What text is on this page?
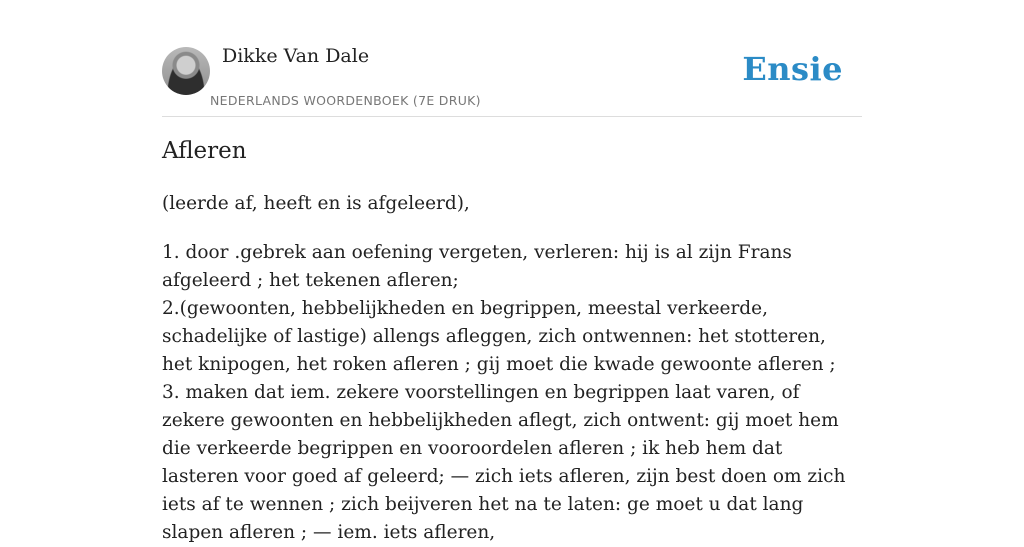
Dikke Van Dale
NEDERLANDS WOORDENBOEK (7E DRUK)
Ensie
Afleren
(leerde af, heeft en is afgeleerd),

1. door .gebrek aan oefening vergeten, verleren: hij is al zijn Frans afgeleerd ; het tekenen afleren;

2.(gewoonten, hebbelijkheden en begrippen, meestal verkeerde, schadelijke of lastige) allengs afleggen, zich ontwennen: het stotteren, het knipogen, het roken afleren ; gij moet die kwade gewoonte afleren ;

3. maken dat iem. zekere voorstellingen en begrippen laat varen, of zekere gewoonten en hebbelijkheden aflegt, zich ontwent: gij moet hem die verkeerde begrippen en vooroordelen afleren ; ik heb hem dat lasteren voor goed af geleerd; — zich iets afleren, zijn best doen om zich iets af te wennen ; zich beijveren het na te laten: ge moet u dat lang slapen afleren ; — iem. iets afleren,
